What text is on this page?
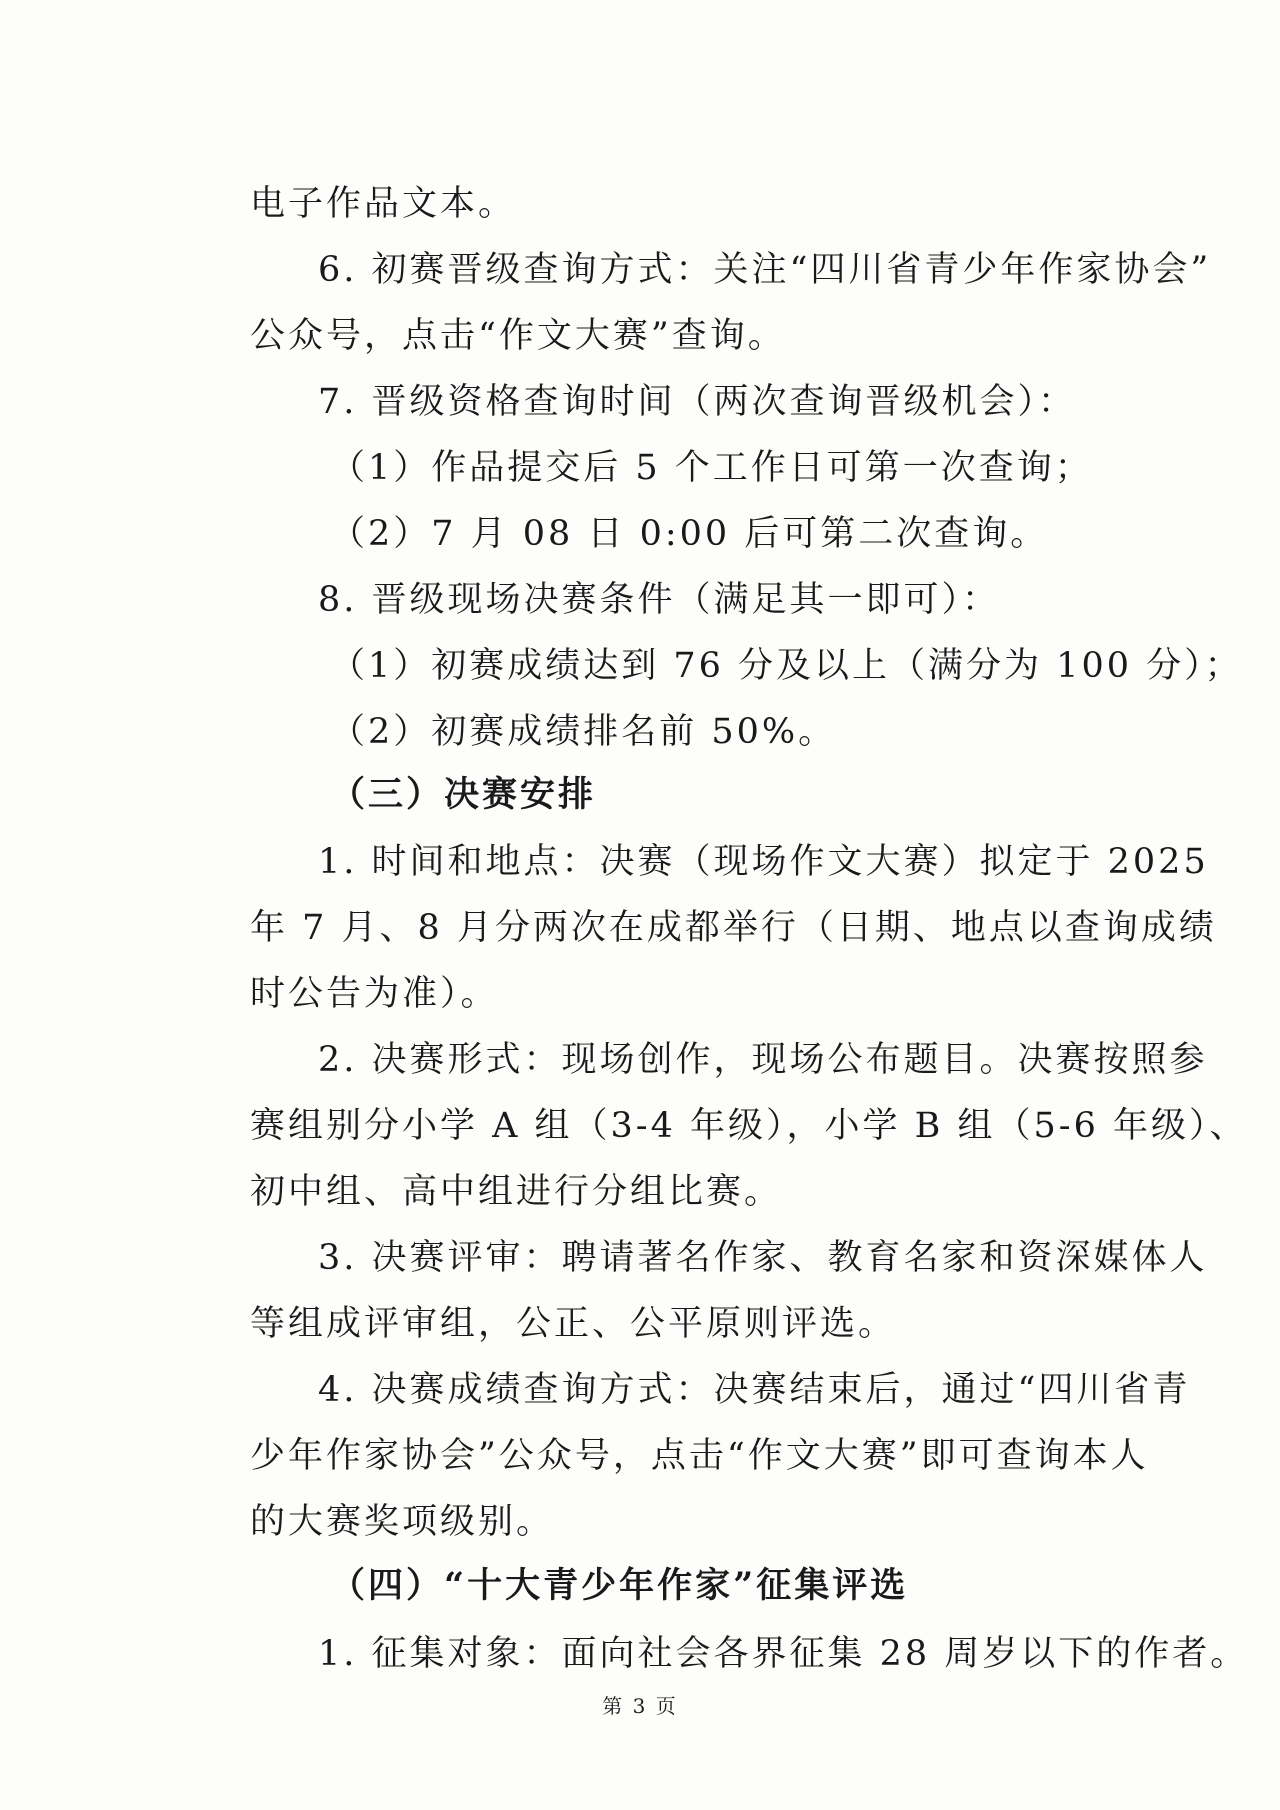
电子作品文本。
6. 初赛晋级查询方式：关注“四川省青少年作家协会”
公众号，点击“作文大赛”查询。
7. 晋级资格查询时间（两次查询晋级机会）：
（1）作品提交后 5 个工作日可第一次查询；
（2）7 月 08 日 0:00 后可第二次查询。
8. 晋级现场决赛条件（满足其一即可）：
（1）初赛成绩达到 76 分及以上（满分为 100 分）；
（2）初赛成绩排名前 50%。
（三）决赛安排
1. 时间和地点：决赛（现场作文大赛）拟定于 2025
年 7 月、8 月分两次在成都举行（日期、地点以查询成绩
时公告为准）。
2. 决赛形式：现场创作，现场公布题目。决赛按照参
赛组别分小学 A 组（3-4 年级），小学 B 组（5-6 年级）、
初中组、高中组进行分组比赛。
3. 决赛评审：聘请著名作家、教育名家和资深媒体人
等组成评审组，公正、公平原则评选。
4. 决赛成绩查询方式：决赛结束后，通过“四川省青
少年作家协会”公众号，点击“作文大赛”即可查询本人
的大赛奖项级别。
（四）“十大青少年作家”征集评选
1. 征集对象：面向社会各界征集 28 周岁以下的作者。
第 3 页
